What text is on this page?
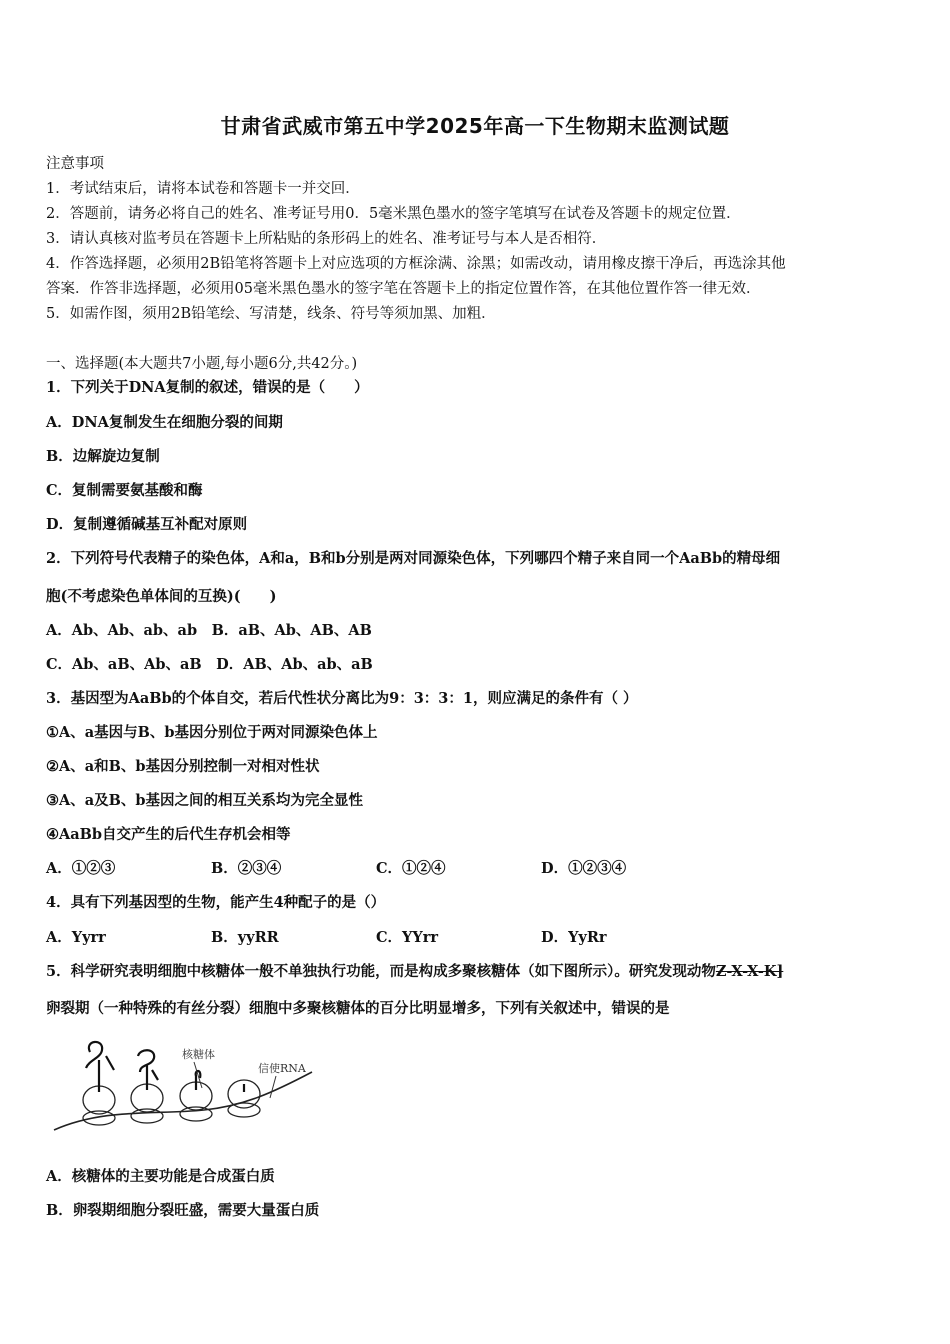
甘肃省武威市第五中学2025年高一下生物期末监测试题
注意事项
1．考试结束后，请将本试卷和答题卡一并交回．
2．答题前，请务必将自己的姓名、准考证号用0．5毫米黑色墨水的签字笔填写在试卷及答题卡的规定位置．
3．请认真核对监考员在答题卡上所粘贴的条形码上的姓名、准考证号与本人是否相符．
4．作答选择题，必须用2B铅笔将答题卡上对应选项的方框涂满、涂黑；如需改动，请用橡皮擦干净后，再选涂其他
答案．作答非选择题，必须用05毫米黑色墨水的签字笔在答题卡上的指定位置作答，在其他位置作答一律无效．
5．如需作图，须用2B铅笔绘、写清楚，线条、符号等须加黑、加粗．
一、选择题(本大题共7小题,每小题6分,共42分。)
1．下列关于DNA复制的叙述，错误的是（　　）
A．DNA复制发生在细胞分裂的间期
B．边解旋边复制
C．复制需要氨基酸和酶
D．复制遵循碱基互补配对原则
2．下列符号代表精子的染色体，A和a，B和b分别是两对同源染色体，下列哪四个精子来自同一个AaBb的精母细
胞(不考虑染色单体间的互换)(　　)
A．Ab、Ab、ab、ab　B．aB、Ab、AB、AB
C．Ab、aB、Ab、aB　D．AB、Ab、ab、aB
3．基因型为AaBb的个体自交，若后代性状分离比为9：3：3：1，则应满足的条件有（ ）
①A、a基因与B、b基因分别位于两对同源染色体上
②A、a和B、b基因分别控制一对相对性状
③A、a及B、b基因之间的相互关系均为完全显性
④AaBb自交产生的后代生存机会相等
A．①②③	B．②③④	C．①②④	D．①②③④
4．具有下列基因型的生物，能产生4种配子的是（）
A．Yyrr	B．yyRR	C．YYrr	D．YyRr
5．科学研究表明细胞中核糖体一般不单独执行功能，而是构成多聚核糖体（如下图所示）。研究发现动物Z-X-X-K]
卵裂期（一种特殊的有丝分裂）细胞中多聚核糖体的百分比明显增多，下列有关叙述中，错误的是
核糖体
信使RNA
A．核糖体的主要功能是合成蛋白质
B．卵裂期细胞分裂旺盛，需要大量蛋白质
